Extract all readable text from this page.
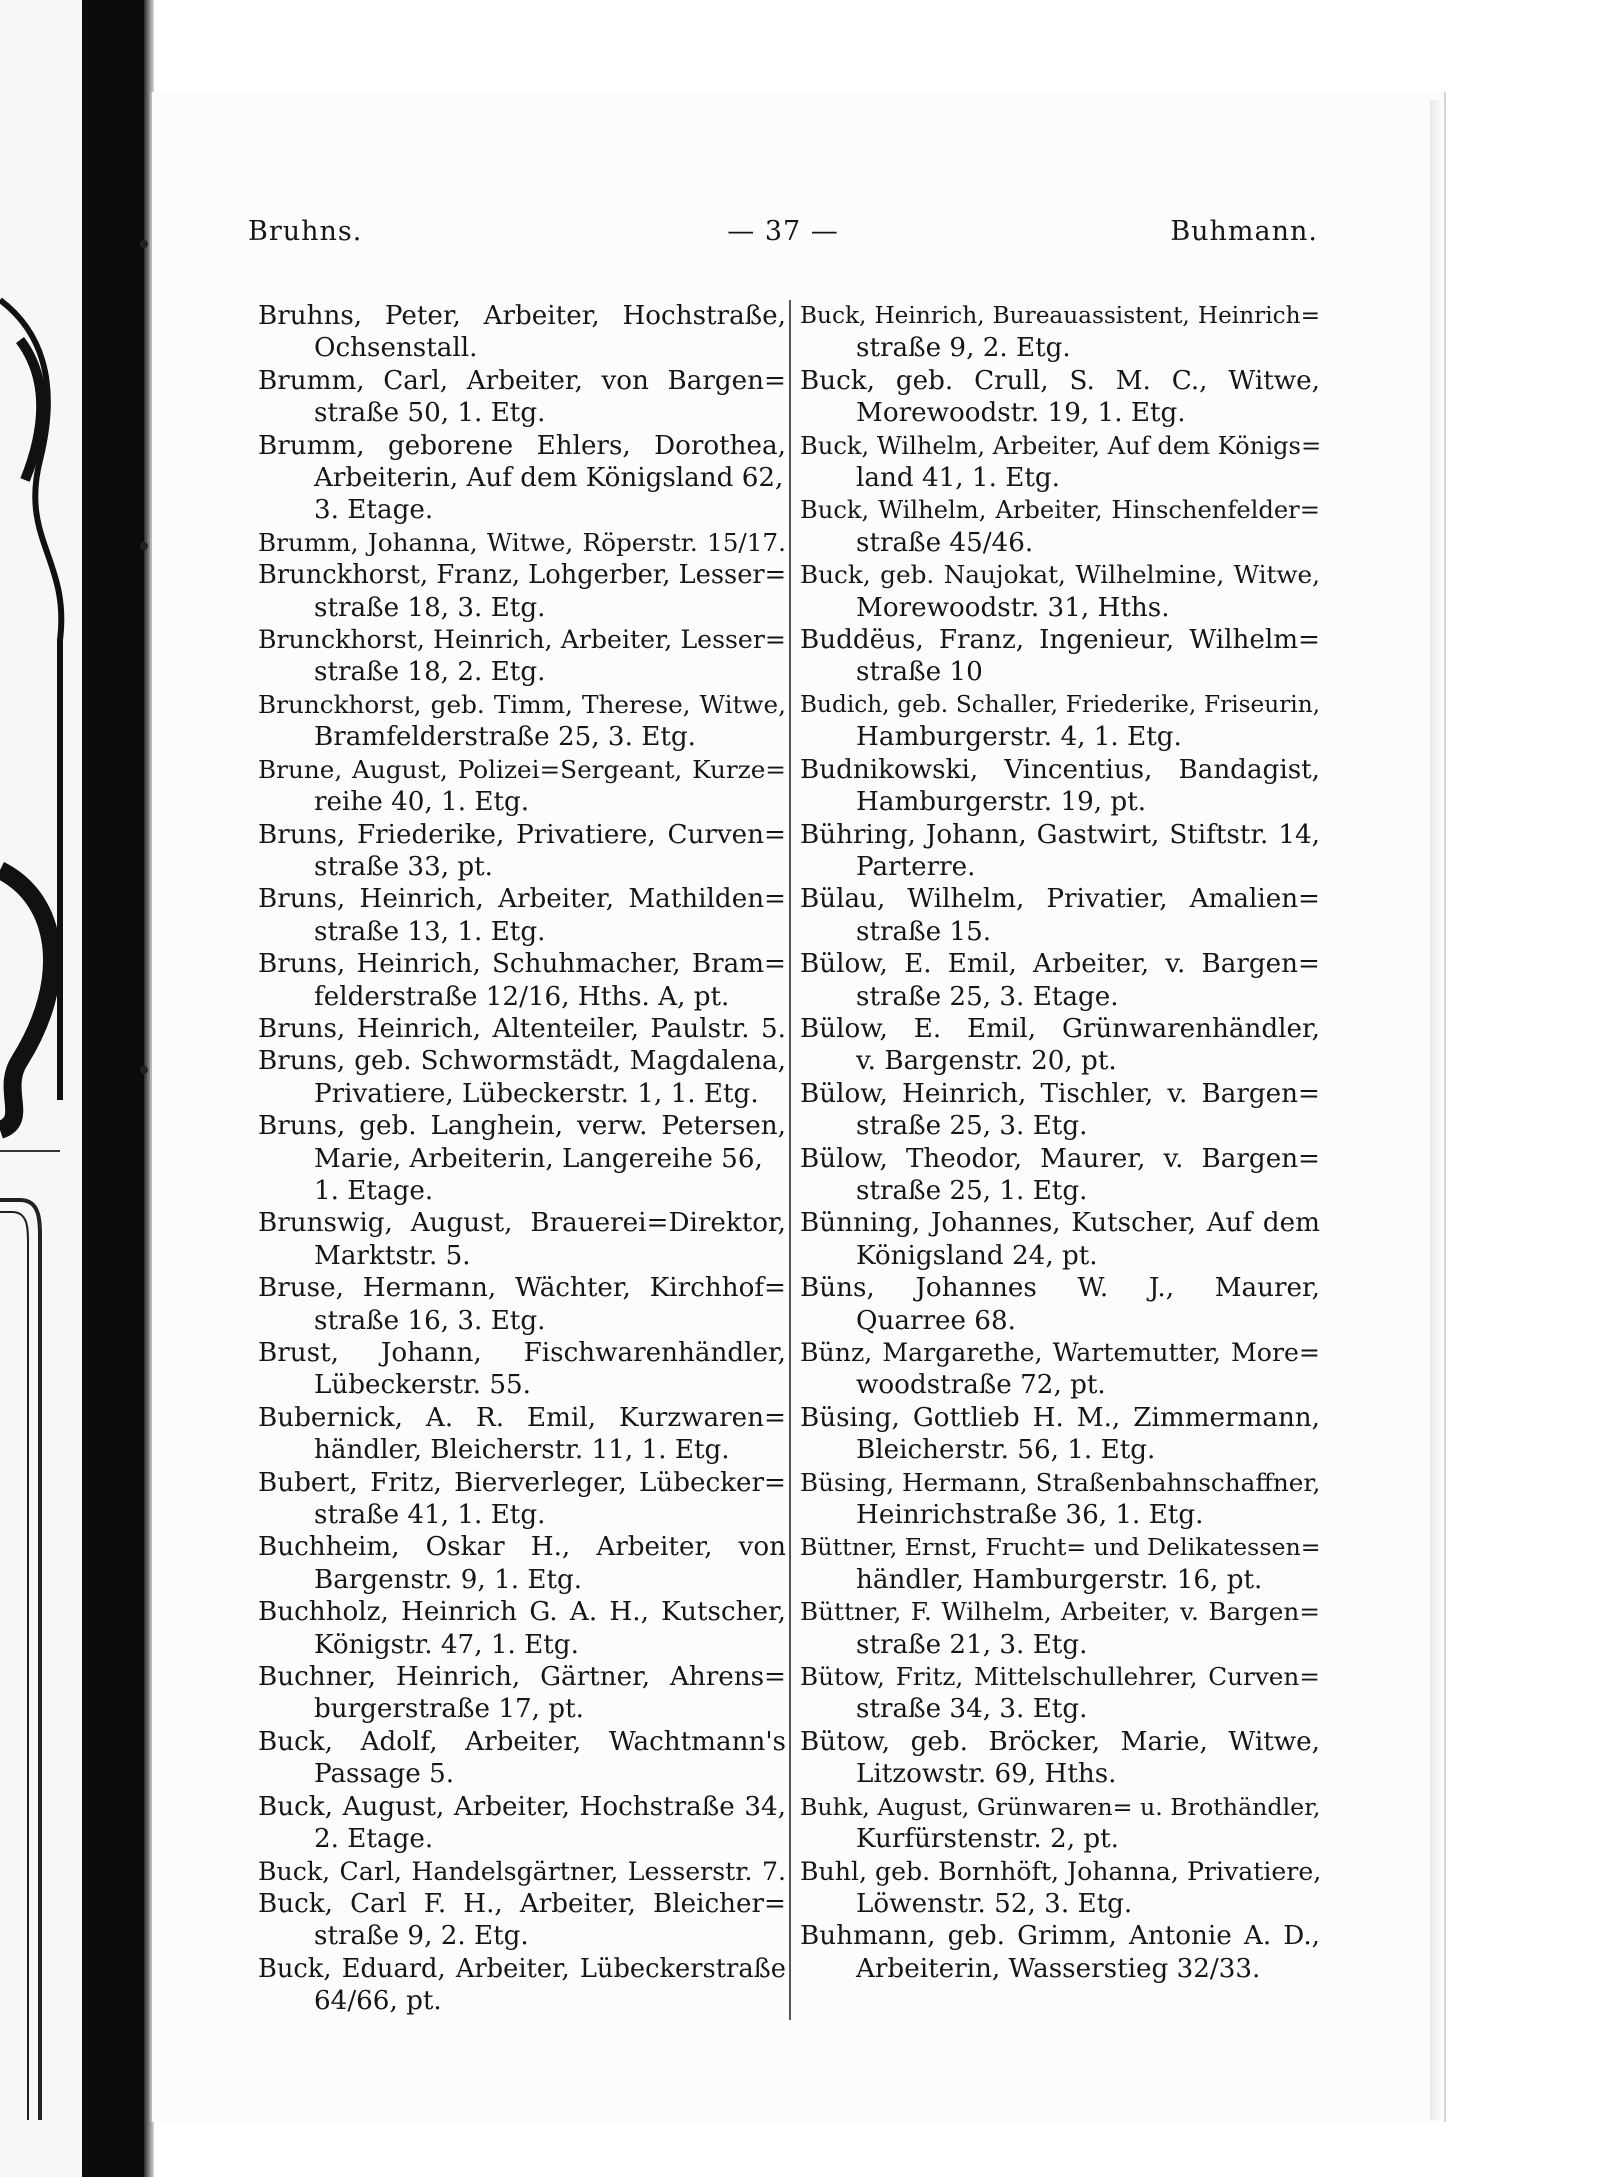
Bruhns.	— 37 —	Buhmann.
Bruhns, Peter, Arbeiter, Hochstraße,
Ochsenstall.
Brumm, Carl, Arbeiter, von Bargen=
straße 50, 1. Etg.
Brumm, geborene Ehlers, Dorothea,
Arbeiterin, Auf dem Königsland 62,
3. Etage.
Brumm, Johanna, Witwe, Röperstr. 15/17.
Brunckhorst, Franz, Lohgerber, Lesser=
straße 18, 3. Etg.
Brunckhorst, Heinrich, Arbeiter, Lesser=
straße 18, 2. Etg.
Brunckhorst, geb. Timm, Therese, Witwe,
Bramfelderstraße 25, 3. Etg.
Brune, August, Polizei=Sergeant, Kurze=
reihe 40, 1. Etg.
Bruns, Friederike, Privatiere, Curven=
straße 33, pt.
Bruns, Heinrich, Arbeiter, Mathilden=
straße 13, 1. Etg.
Bruns, Heinrich, Schuhmacher, Bram=
felderstraße 12/16, Hths. A, pt.
Bruns, Heinrich, Altenteiler, Paulstr. 5.
Bruns, geb. Schwormstädt, Magdalena,
Privatiere, Lübeckerstr. 1, 1. Etg.
Bruns, geb. Langhein, verw. Petersen,
Marie, Arbeiterin, Langereihe 56,
1. Etage.
Brunswig, August, Brauerei=Direktor,
Marktstr. 5.
Bruse, Hermann, Wächter, Kirchhof=
straße 16, 3. Etg.
Brust, Johann, Fischwarenhändler,
Lübeckerstr. 55.
Bubernick, A. R. Emil, Kurzwaren=
händler, Bleicherstr. 11, 1. Etg.
Bubert, Fritz, Bierverleger, Lübecker=
straße 41, 1. Etg.
Buchheim, Oskar H., Arbeiter, von
Bargenstr. 9, 1. Etg.
Buchholz, Heinrich G. A. H., Kutscher,
Königstr. 47, 1. Etg.
Buchner, Heinrich, Gärtner, Ahrens=
burgerstraße 17, pt.
Buck, Adolf, Arbeiter, Wachtmann's
Passage 5.
Buck, August, Arbeiter, Hochstraße 34,
2. Etage.
Buck, Carl, Handelsgärtner, Lesserstr. 7.
Buck, Carl F. H., Arbeiter, Bleicher=
straße 9, 2. Etg.
Buck, Eduard, Arbeiter, Lübeckerstraße
64/66, pt.
Buck, Heinrich, Bureauassistent, Heinrich=
straße 9, 2. Etg.
Buck, geb. Crull, S. M. C., Witwe,
Morewoodstr. 19, 1. Etg.
Buck, Wilhelm, Arbeiter, Auf dem Königs=
land 41, 1. Etg.
Buck, Wilhelm, Arbeiter, Hinschenfelder=
straße 45/46.
Buck, geb. Naujokat, Wilhelmine, Witwe,
Morewoodstr. 31, Hths.
Buddëus, Franz, Ingenieur, Wilhelm=
straße 10
Budich, geb. Schaller, Friederike, Friseurin,
Hamburgerstr. 4, 1. Etg.
Budnikowski, Vincentius, Bandagist,
Hamburgerstr. 19, pt.
Bühring, Johann, Gastwirt, Stiftstr. 14,
Parterre.
Bülau, Wilhelm, Privatier, Amalien=
straße 15.
Bülow, E. Emil, Arbeiter, v. Bargen=
straße 25, 3. Etage.
Bülow, E. Emil, Grünwarenhändler,
v. Bargenstr. 20, pt.
Bülow, Heinrich, Tischler, v. Bargen=
straße 25, 3. Etg.
Bülow, Theodor, Maurer, v. Bargen=
straße 25, 1. Etg.
Bünning, Johannes, Kutscher, Auf dem
Königsland 24, pt.
Büns, Johannes W. J., Maurer,
Quarree 68.
Bünz, Margarethe, Wartemutter, More=
woodstraße 72, pt.
Büsing, Gottlieb H. M., Zimmermann,
Bleicherstr. 56, 1. Etg.
Büsing, Hermann, Straßenbahnschaffner,
Heinrichstraße 36, 1. Etg.
Büttner, Ernst, Frucht= und Delikatessen=
händler, Hamburgerstr. 16, pt.
Büttner, F. Wilhelm, Arbeiter, v. Bargen=
straße 21, 3. Etg.
Bütow, Fritz, Mittelschullehrer, Curven=
straße 34, 3. Etg.
Bütow, geb. Bröcker, Marie, Witwe,
Litzowstr. 69, Hths.
Buhk, August, Grünwaren= u. Brothändler,
Kurfürstenstr. 2, pt.
Buhl, geb. Bornhöft, Johanna, Privatiere,
Löwenstr. 52, 3. Etg.
Buhmann, geb. Grimm, Antonie A. D.,
Arbeiterin, Wasserstieg 32/33.
